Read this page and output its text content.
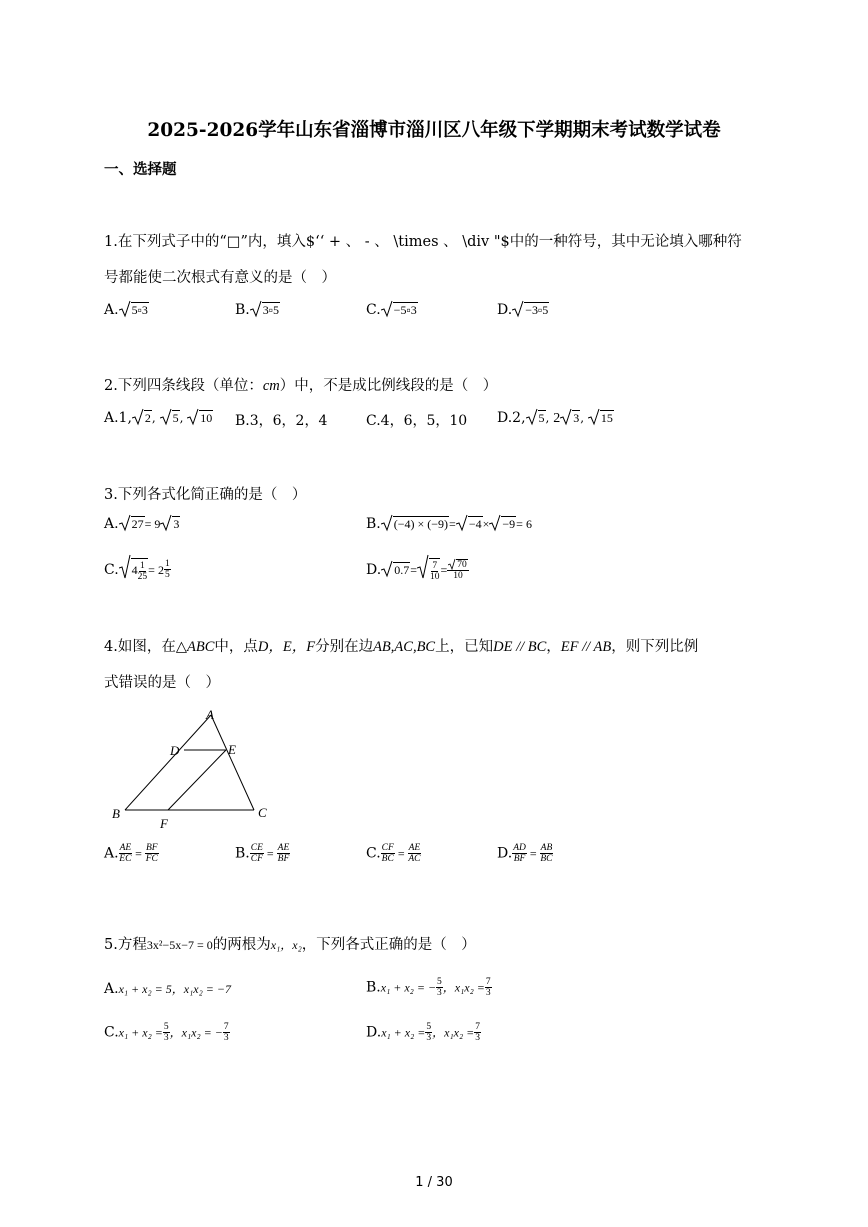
2025-2026学年山东省淄博市淄川区八年级下学期期末考试数学试卷
一、选择题
1.在下列式子中的“□”内，填入$‘‘ + 、 - 、 \times 、 \div "$中的一种符号，其中无论填入哪种符
号都能使二次根式有意义的是（　）
A. 5▫3	B. 3▫5	C. −5▫3	D. −3▫5
2.下列四条线段（单位：cm）中，不是成比例线段的是（　）
A.1, 2,
5,
10 B.3，6，2，4	C.4，6，5，10 D.2, 5, 2 3,
15
3.下列各式化简正确的是（　）
A. 27= 9 3	B. (−4) × (−9)= −4× −9= 6
C. $4 \frac{1}{25} = 2 \frac{1}{5}$	D. $0.7= \frac{7}{10} = \frac{70}{10}$
4.如图，在△ABC中，点D，E，F分别在边AB,AC,BC上，已知DE // BC，EF // AB，则下列比例
式错误的是（　）
A
D	E
B	C
F
A. $\frac{AE}{EC} = \frac{BF}{FC}$	B. $\frac{CE}{CF} = \frac{AE}{BF}$	C. $\frac{CF}{BC} = \frac{AE}{AC}$	D. $\frac{AD}{BF} = \frac{AB}{BC}$
5.方程3x²−5x−7 = 0的两根为x₁，x₂，下列各式正确的是（　）
A.x₁ + x₂ = 5，x₁x₂ = −7	B.x₁ + x₂ = − $\frac{5}{3}$ ，$x_1x_2 = \frac{7}{3}$
$C.x_1 + x_2 = \frac{5}{3}$ ，x₁x₂ = − $\frac{7}{3}$	$D.x_1 + x_2 = \frac{5}{3}$ ，$x_1x_2 = \frac{7}{3}$
1 / 30
